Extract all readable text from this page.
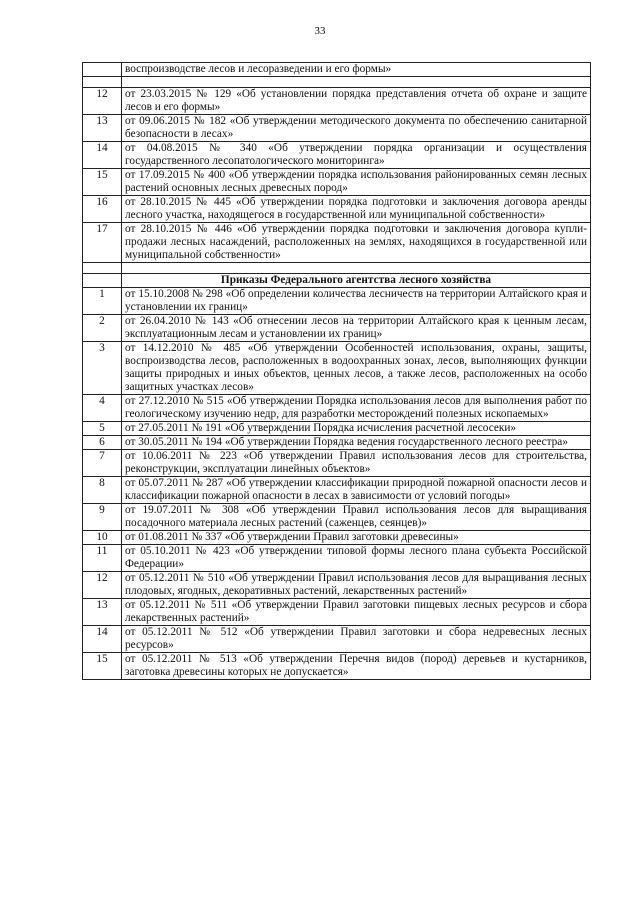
33
	воспроизводстве лесов и лесоразведении и его формы»

12	от 23.03.2015 № 129 «Об установлении порядка представления отчета об охране и защите лесов и его формы»
13	от 09.06.2015 № 182 «Об утверждении методического документа по обеспечению санитарной безопасности в лесах»
14	от 04.08.2015 № 340 «Об утверждении порядка организации и осуществления государственного лесопатологического мониторинга»
15	от 17.09.2015 № 400 «Об утверждении порядка использования районированных семян лесных растений основных лесных древесных пород»
16	от 28.10.2015 № 445 «Об утверждении порядка подготовки и заключения договора аренды лесного участка, находящегося в государственной или муниципальной собственности»
17	от 28.10.2015 № 446 «Об утверждении порядка подготовки и заключения договора купли-продажи лесных насаждений, расположенных на землях, находящихся в государственной или муниципальной собственности»

	Приказы Федерального агентства лесного хозяйства
1	от 15.10.2008 № 298 «Об определении количества лесничеств на территории Алтайского края и установлении их границ»
2	от 26.04.2010 № 143 «Об отнесении лесов на территории Алтайского края к ценным лесам, эксплуатационным лесам и установлении их границ»
3	от 14.12.2010 № 485 «Об утверждении Особенностей использования, охраны, защиты, воспроизводства лесов, расположенных в водоохранных зонах, лесов, выполняющих функции защиты природных и иных объектов, ценных лесов, а также лесов, расположенных на особо защитных участках лесов»
4	от 27.12.2010 № 515 «Об утверждении Порядка использования лесов для выполнения работ по геологическому изучению недр, для разработки месторождений полезных ископаемых»
5	от 27.05.2011 № 191 «Об утверждении Порядка исчисления расчетной лесосеки»
6	от 30.05.2011 № 194 «Об утверждении Порядка ведения государственного лесного реестра»
7	от 10.06.2011 № 223 «Об утверждении Правил использования лесов для строительства, реконструкции, эксплуатации линейных объектов»
8	от 05.07.2011 № 287 «Об утверждении классификации природной пожарной опасности лесов и классификации пожарной опасности в лесах в зависимости от условий погоды»
9	от 19.07.2011 № 308 «Об утверждении Правил использования лесов для выращивания посадочного материала лесных растений (саженцев, сеянцев)»
10	от 01.08.2011 № 337 «Об утверждении Правил заготовки древесины»
11	от 05.10.2011 № 423 «Об утверждении типовой формы лесного плана субъекта Российской Федерации»
12	от 05.12.2011 № 510 «Об утверждении Правил использования лесов для выращивания лесных плодовых, ягодных, декоративных растений, лекарственных растений»
13	от 05.12.2011 № 511 «Об утверждении Правил заготовки пищевых лесных ресурсов и сбора лекарственных растений»
14	от 05.12.2011 № 512 «Об утверждении Правил заготовки и сбора недревесных лесных ресурсов»
15	от 05.12.2011 № 513 «Об утверждении Перечня видов (пород) деревьев и кустарников, заготовка древесины которых не допускается»
